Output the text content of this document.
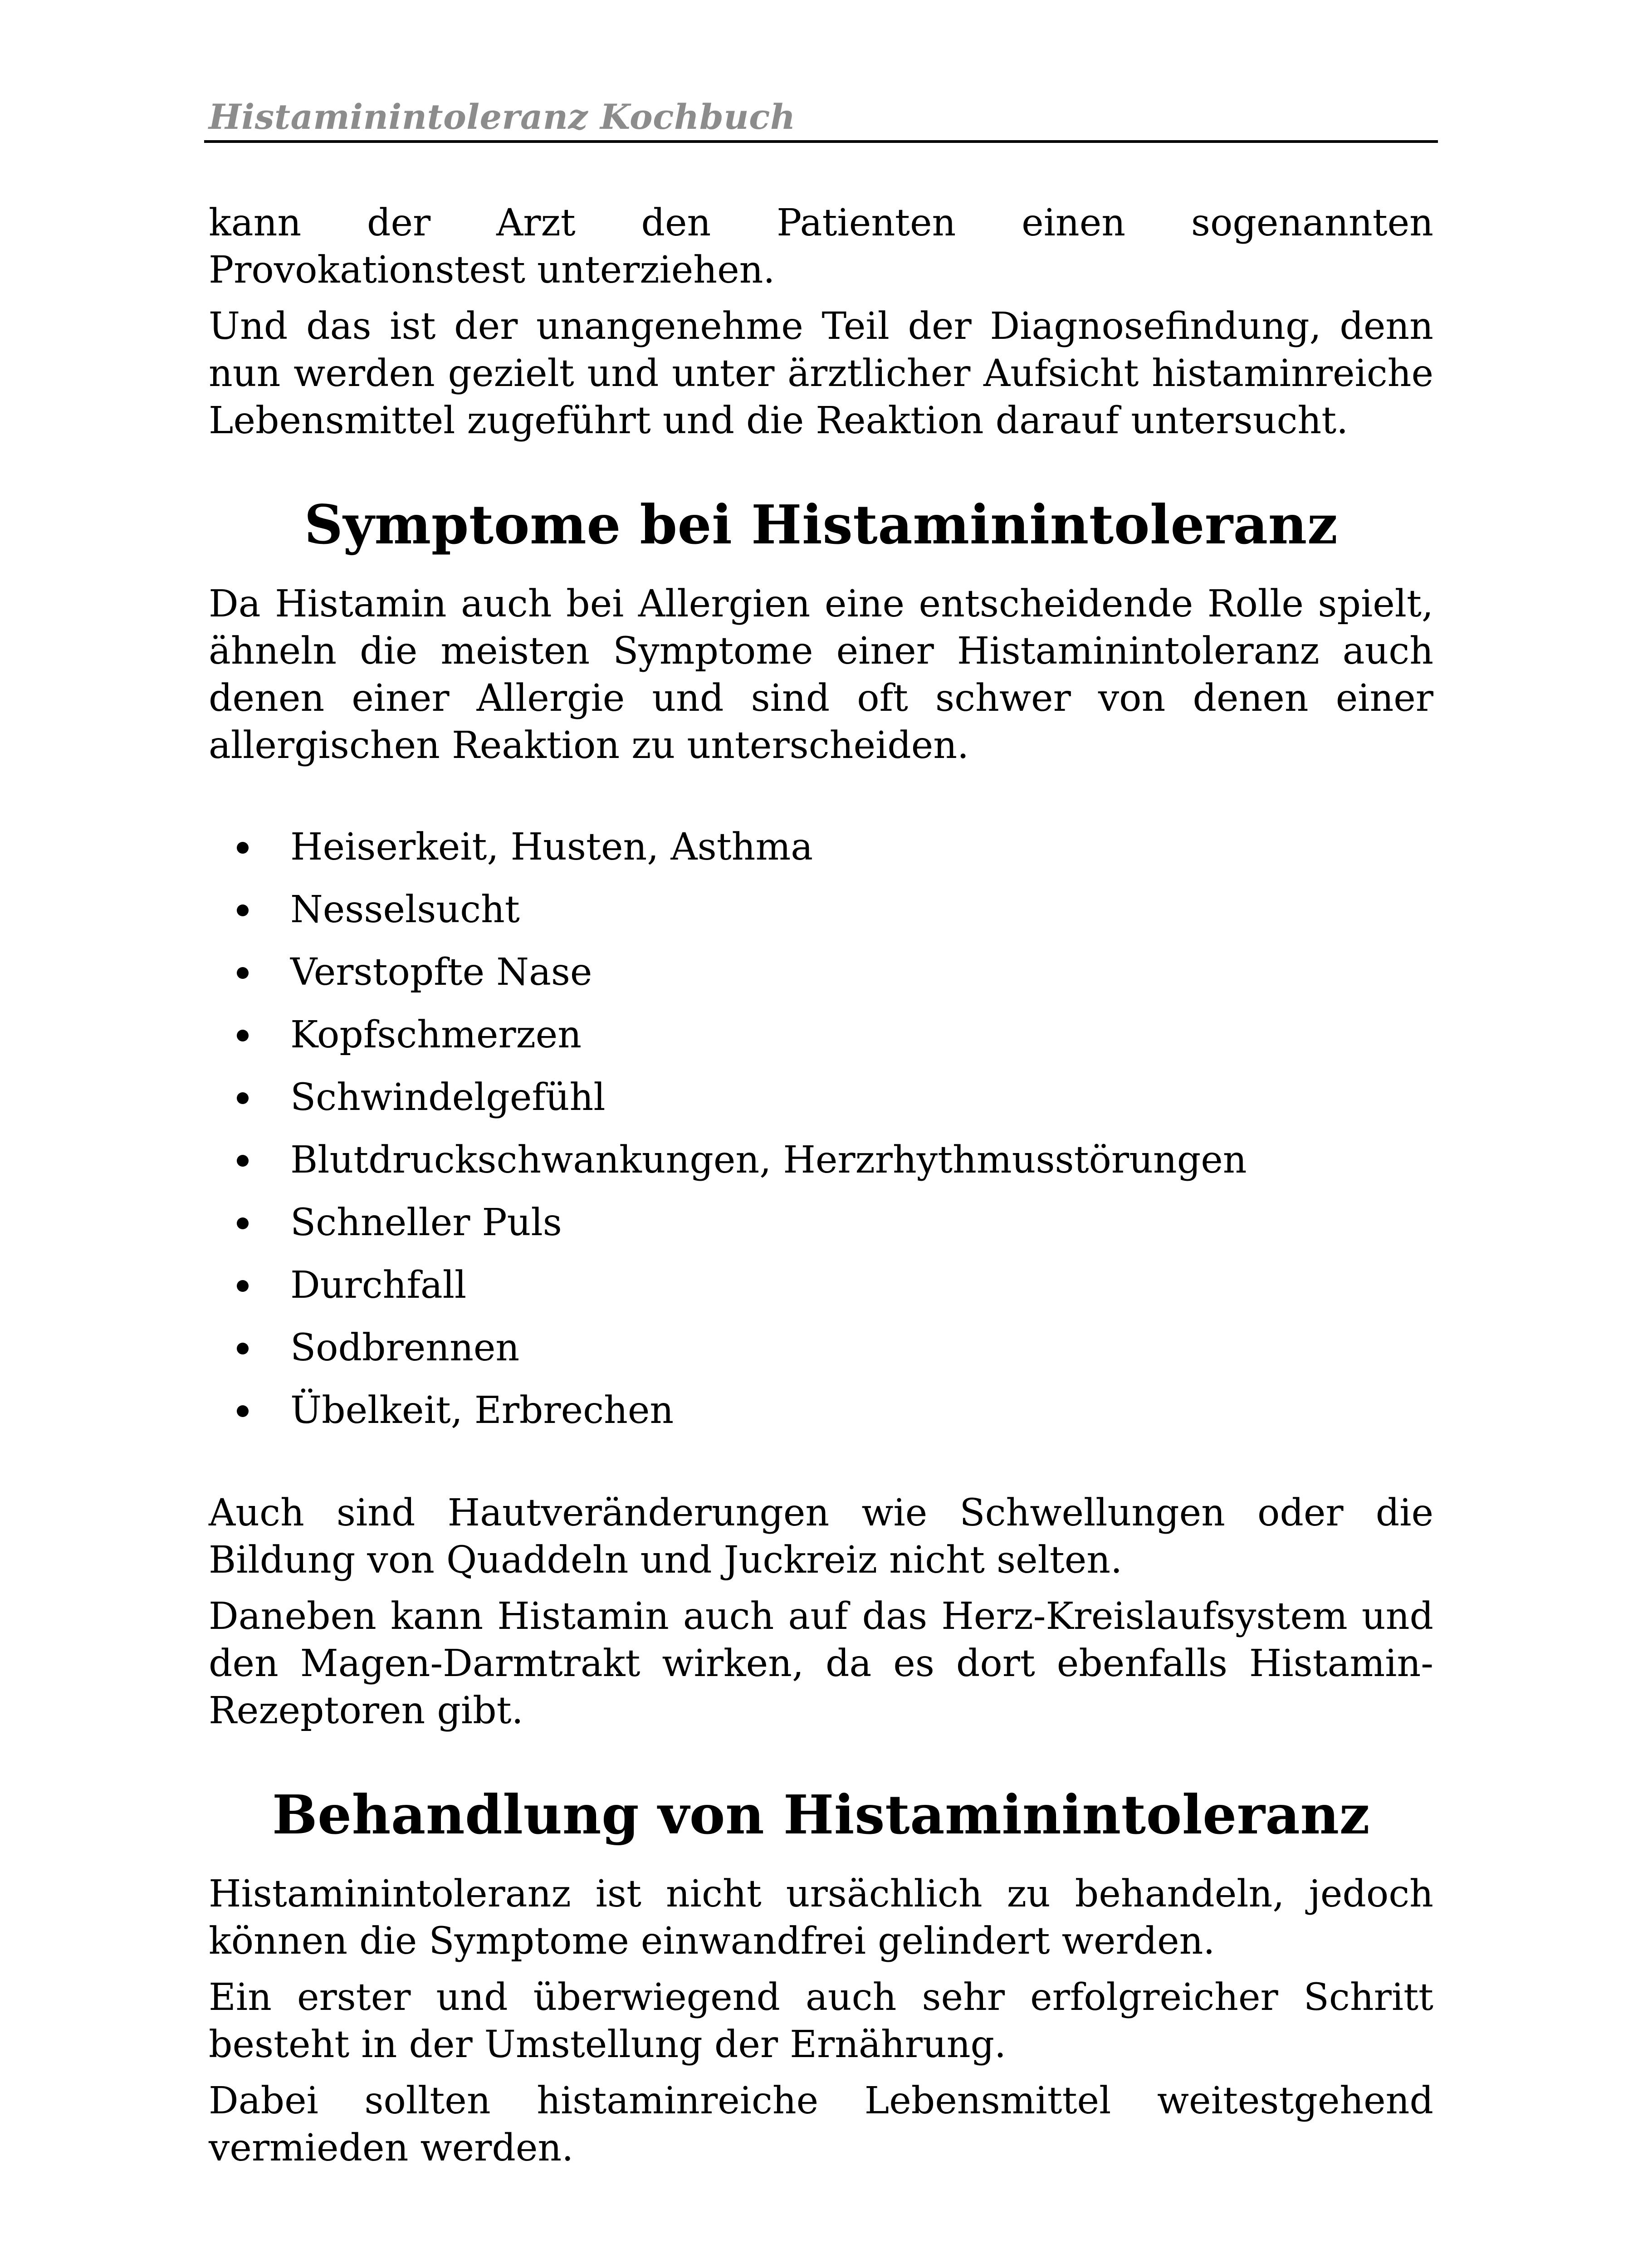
Histaminintoleranz Kochbuch

kann der Arzt den Patienten einen sogenannten Provokationstest unterziehen.

Und das ist der unangenehme Teil der Diagnosefindung, denn nun werden gezielt und unter ärztlicher Aufsicht histaminreiche Lebensmittel zugeführt und die Reaktion darauf untersucht.

Symptome bei Histaminintoleranz

Da Histamin auch bei Allergien eine entscheidende Rolle spielt, ähneln die meisten Symptome einer Histaminintoleranz auch denen einer Allergie und sind oft schwer von denen einer allergischen Reaktion zu unterscheiden.

Heiserkeit, Husten, Asthma
Nesselsucht
Verstopfte Nase
Kopfschmerzen
Schwindelgefühl
Blutdruckschwankungen, Herzrhythmusstörungen
Schneller Puls
Durchfall
Sodbrennen
Übelkeit, Erbrechen

Auch sind Hautveränderungen wie Schwellungen oder die Bildung von Quaddeln und Juckreiz nicht selten.

Daneben kann Histamin auch auf das Herz-Kreislaufsystem und den Magen-Darmtrakt wirken, da es dort ebenfalls Histamin-Rezeptoren gibt.

Behandlung von Histaminintoleranz

Histaminintoleranz ist nicht ursächlich zu behandeln, jedoch können die Symptome einwandfrei gelindert werden.

Ein erster und überwiegend auch sehr erfolgreicher Schritt besteht in der Umstellung der Ernährung.

Dabei sollten histaminreiche Lebensmittel weitestgehend vermieden werden.
